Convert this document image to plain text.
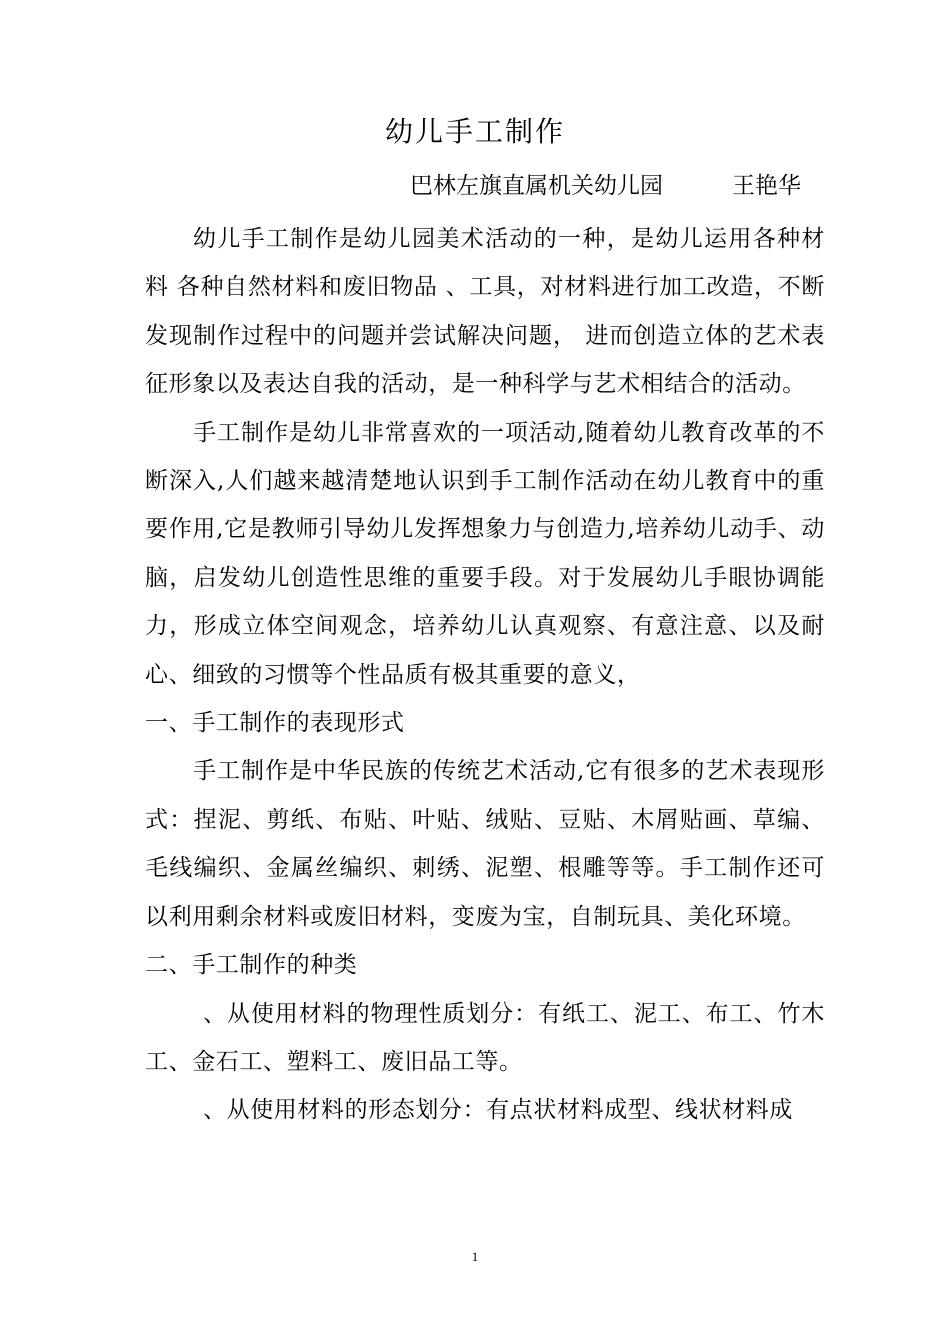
幼儿手工制作
巴林左旗直属机关幼儿园	王艳华

幼儿手工制作是幼儿园美术活动的一种，是幼儿运用各种材料 各种自然材料和废旧物品 、工具，对材料进行加工改造，不断发现制作过程中的问题并尝试解决问题， 进而创造立体的艺术表征形象以及表达自我的活动，是一种科学与艺术相结合的活动。

手工制作是幼儿非常喜欢的一项活动,随着幼儿教育改革的不断深入,人们越来越清楚地认识到手工制作活动在幼儿教育中的重要作用,它是教师引导幼儿发挥想象力与创造力,培养幼儿动手、动脑，启发幼儿创造性思维的重要手段。对于发展幼儿手眼协调能力，形成立体空间观念，培养幼儿认真观察、有意注意、以及耐心、细致的习惯等个性品质有极其重要的意义，

一、手工制作的表现形式

手工制作是中华民族的传统艺术活动,它有很多的艺术表现形式：捏泥、剪纸、布贴、叶贴、绒贴、豆贴、木屑贴画、草编、毛线编织、金属丝编织、刺绣、泥塑、根雕等等。手工制作还可以利用剩余材料或废旧材料，变废为宝，自制玩具、美化环境。

二、手工制作的种类

、从使用材料的物理性质划分：有纸工、泥工、布工、竹木工、金石工、塑料工、废旧品工等。

、从使用材料的形态划分：有点状材料成型、线状材料成

1
